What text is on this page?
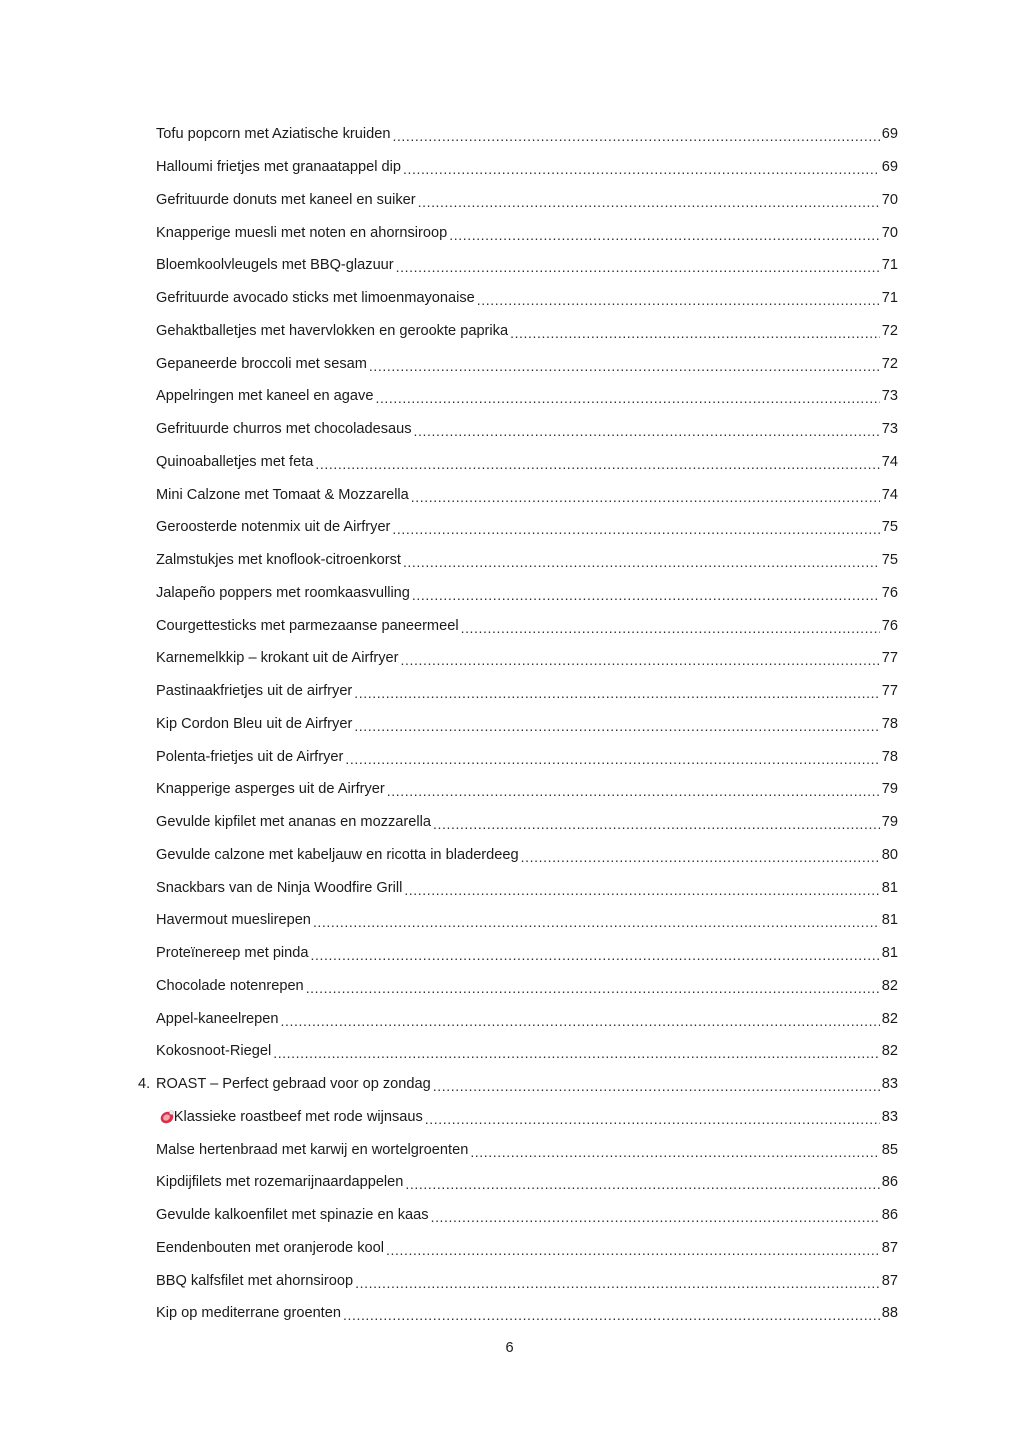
Tofu popcorn met Aziatische kruiden .....	69
Halloumi frietjes met granaatappel dip .....	69
Gefrituurde donuts met kaneel en suiker .....	70
Knapperige muesli met noten en ahornsiroop .....	70
Bloemkoolvleugels met BBQ-glazuur .....	71
Gefrituurde avocado sticks met limoenmayonaise .....	71
Gehaktballetjes met havervlokken en gerookte paprika .....	72
Gepaneerde broccoli met sesam .....	72
Appelringen met kaneel en agave .....	73
Gefrituurde churros met chocoladesaus .....	73
Quinoaballetjes met feta .....	74
Mini Calzone met Tomaat & Mozzarella .....	74
Geroosterde notenmix uit de Airfryer .....	75
Zalmstukjes met knoflook-citroenkorst .....	75
Jalapeño poppers met roomkaasvulling .....	76
Courgettesticks met parmezaanse paneermeel .....	76
Karnemelkkip – krokant uit de Airfryer .....	77
Pastinaakfrietjes uit de airfryer .....	77
Kip Cordon Bleu uit de Airfryer .....	78
Polenta-frietjes uit de Airfryer .....	78
Knapperige asperges uit de Airfryer .....	79
Gevulde kipfilet met ananas en mozzarella .....	79
Gevulde calzone met kabeljauw en ricotta in bladerdeeg .....	80
Snackbars van de Ninja Woodfire Grill .....	81
Havermout mueslirepen .....	81
Proteïnereep met pinda .....	81
Chocolade notenrepen .....	82
Appel-kaneelrepen .....	82
Kokosnoot-Riegel .....	82
4. ROAST – Perfect gebraad voor op zondag .....	83
Klassieke roastbeef met rode wijnsaus .....	83
Malse hertenbraad met karwij en wortelgroenten .....	85
Kipdijfilets met rozemarijnaardappelen .....	86
Gevulde kalkoenfilet met spinazie en kaas .....	86
Eendenbouten met oranjerode kool .....	87
BBQ kalfsfilet met ahornsiroop .....	87
Kip op mediterrane groenten .....	88
6
